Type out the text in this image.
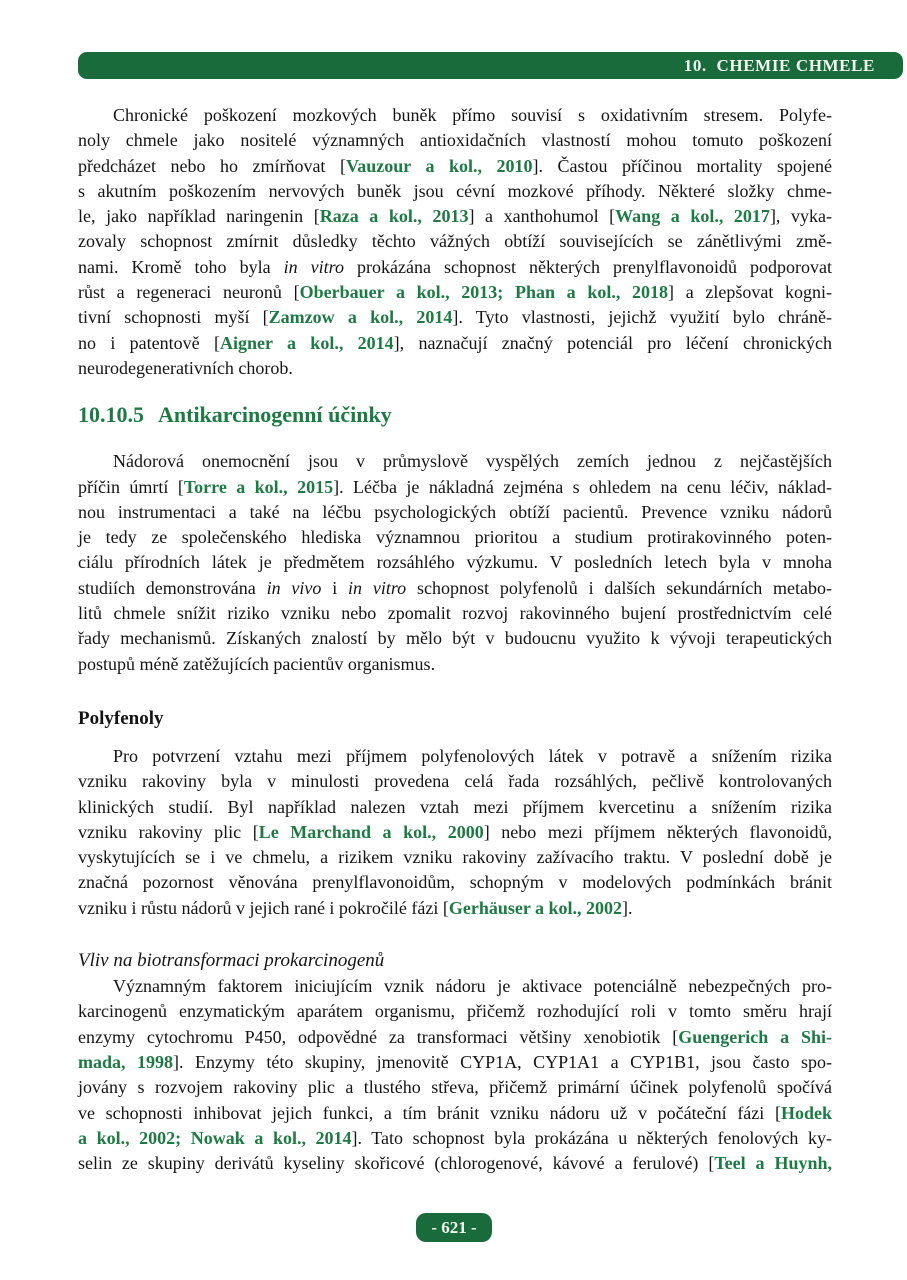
10.  CHEMIE CHMELE
Chronické poškození mozkových buněk přímo souvisí s oxidativním stresem. Polyfe-
noly chmele jako nositelé významných antioxidačních vlastností mohou tomuto poškození
předcházet nebo ho zmírňovat [Vauzour a kol., 2010]. Častou příčinou mortality spojené
s akutním poškozením nervových buněk jsou cévní mozkové příhody. Některé složky chme-
le, jako například naringenin [Raza a kol., 2013] a xanthohumol [Wang a kol., 2017], vyka-
zovaly schopnost zmírnit důsledky těchto vážných obtíží souvisejících se zánětlivými změ-
nami. Kromě toho byla in vitro prokázána schopnost některých prenylflavonoidů podporovat
růst a regeneraci neuronů [Oberbauer a kol., 2013; Phan a kol., 2018] a zlepšovat kogni-
tivní schopnosti myší [Zamzow a kol., 2014]. Tyto vlastnosti, jejichž využití bylo chráně-
no i patentově [Aigner a kol., 2014], naznačují značný potenciál pro léčení chronických
neurodegenerativních chorob.
10.10.5 Antikarcinogenní účinky
Nádorová onemocnění jsou v průmyslově vyspělých zemích jednou z nejčastějších
příčin úmrtí [Torre a kol., 2015]. Léčba je nákladná zejména s ohledem na cenu léčiv, náklad-
nou instrumentaci a také na léčbu psychologických obtíží pacientů. Prevence vzniku nádorů
je tedy ze společenského hlediska významnou prioritou a studium protirakovinného poten-
ciálu přírodních látek je předmětem rozsáhlého výzkumu. V posledních letech byla v mnoha
studiích demonstrována in vivo i in vitro schopnost polyfenolů i dalších sekundárních metabo-
litů chmele snížit riziko vzniku nebo zpomalit rozvoj rakovinného bujení prostřednictvím celé
řady mechanismů. Získaných znalostí by mělo být v budoucnu využito k vývoji terapeutických
postupů méně zatěžujících pacientův organismus.
Polyfenoly
Pro potvrzení vztahu mezi příjmem polyfenolových látek v potravě a snížením rizika
vzniku rakoviny byla v minulosti provedena celá řada rozsáhlých, pečlivě kontrolovaných
klinických studií. Byl například nalezen vztah mezi příjmem kvercetinu a snížením rizika
vzniku rakoviny plic [Le Marchand a kol., 2000] nebo mezi příjmem některých flavonoidů,
vyskytujících se i ve chmelu, a rizikem vzniku rakoviny zažívacího traktu. V poslední době je
značná pozornost věnována prenylflavonoidům, schopným v modelových podmínkách bránit
vzniku i růstu nádorů v jejich rané i pokročilé fázi [Gerhäuser a kol., 2002].
Vliv na biotransformaci prokarcinogenů
Významným faktorem iniciujícím vznik nádoru je aktivace potenciálně nebezpečných pro-
karcinogenů enzymatickým aparátem organismu, přičemž rozhodující roli v tomto směru hrají
enzymy cytochromu P450, odpovědné za transformaci většiny xenobiotik [Guengerich a Shi-
mada, 1998]. Enzymy této skupiny, jmenovitě CYP1A, CYP1A1 a CYP1B1, jsou často spo-
jovány s rozvojem rakoviny plic a tlustého střeva, přičemž primární účinek polyfenolů spočívá
ve schopnosti inhibovat jejich funkci, a tím bránit vzniku nádoru už v počáteční fázi [Hodek
a kol., 2002; Nowak a kol., 2014]. Tato schopnost byla prokázána u některých fenolových ky-
selin ze skupiny derivátů kyseliny skořicové (chlorogenové, kávové a ferulové) [Teel a Huynh,
- 621 -
